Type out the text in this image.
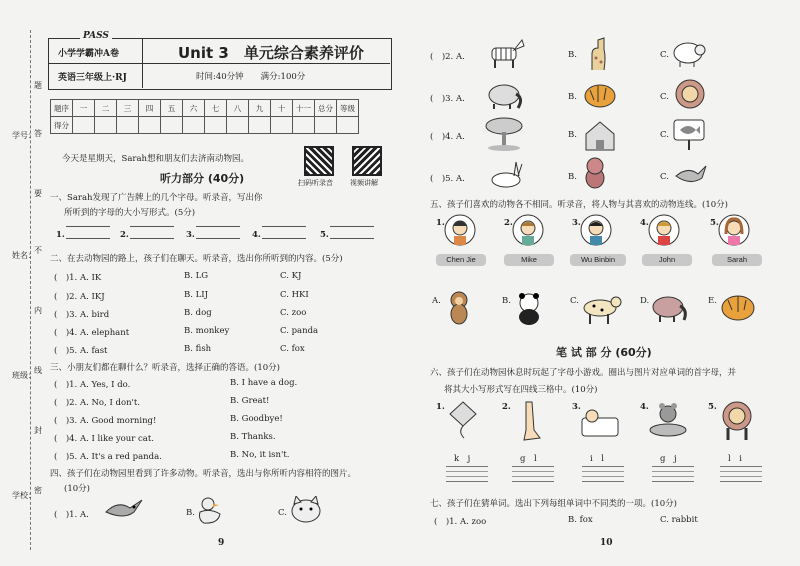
学号：
姓名：
班级：
学校：
题
答
要
不
内
线
封
密
PASS
小学学霸冲A卷
英语三年级上·RJ
Unit 3　单元综合素养评价
时间:40分钟　　满分:100分
题序	一	二	三	四	五	六	七	八	九	十	十一	总分	等级
得分													
今天是星期天，Sarah想和朋友们去济南动物园。
扫码听录音 视频讲解
听力部分 (40分)
一、Sarah发现了广告牌上的几个字母。听录音，写出你
所听到的字母的大小写形式。(5分)
1.	2.	3.	4.	5.
二、在去动物园的路上，孩子们在聊天。听录音，选出你所听到的内容。(5分)
(　)1. A. IK	B. LG	C. KJ
(　)2. A. IKJ	B. LIJ	C. HKI
(　)3. A. bird	B. dog	C. zoo
(　)4. A. elephant	B. monkey	C. panda
(　)5. A. fast	B. fish	C. fox
三、小朋友们都在聊什么？听录音，选择正确的答语。(10分)
(　)1. A. Yes, I do.	B. I have a dog.
(　)2. A. No, I don't.	B. Great!
(　)3. A. Good morning!	B. Goodbye!
(　)4. A. I like your cat.	B. Thanks.
(　)5. A. It's a red panda.	B. No, it isn't.
四、孩子们在动物园里看到了许多动物。听录音，选出与你所听内容相符的图片。
(10分)
(　)1. A.	B.	C.
9
(　)2. A.	B.	C.
(　)3. A.	B.	C.
(　)4. A.	B.	C.
(　)5. A.	B.	C.
五、孩子们喜欢的动物各不相同。听录音，将人物与其喜欢的动物连线。(10分)
1.	2.	3.	4.	5.
Chen Jie	Mike	Wu Binbin	John	Sarah
A.	B.	C.	D.	E.
笔 试 部 分 (60分)
六、孩子们在动物园休息时玩起了字母小游戏。圈出与图片对应单词的首字母，并
将其大小写形式写在四线三格中。(10分)
1.	2.	3.	4.	5.
k　j	g　l	i　l	g　j	l　i
七、孩子们在猜单词。选出下列每组单词中不同类的一项。(10分)
(　)1. A. zoo	B. fox	C. rabbit
10
